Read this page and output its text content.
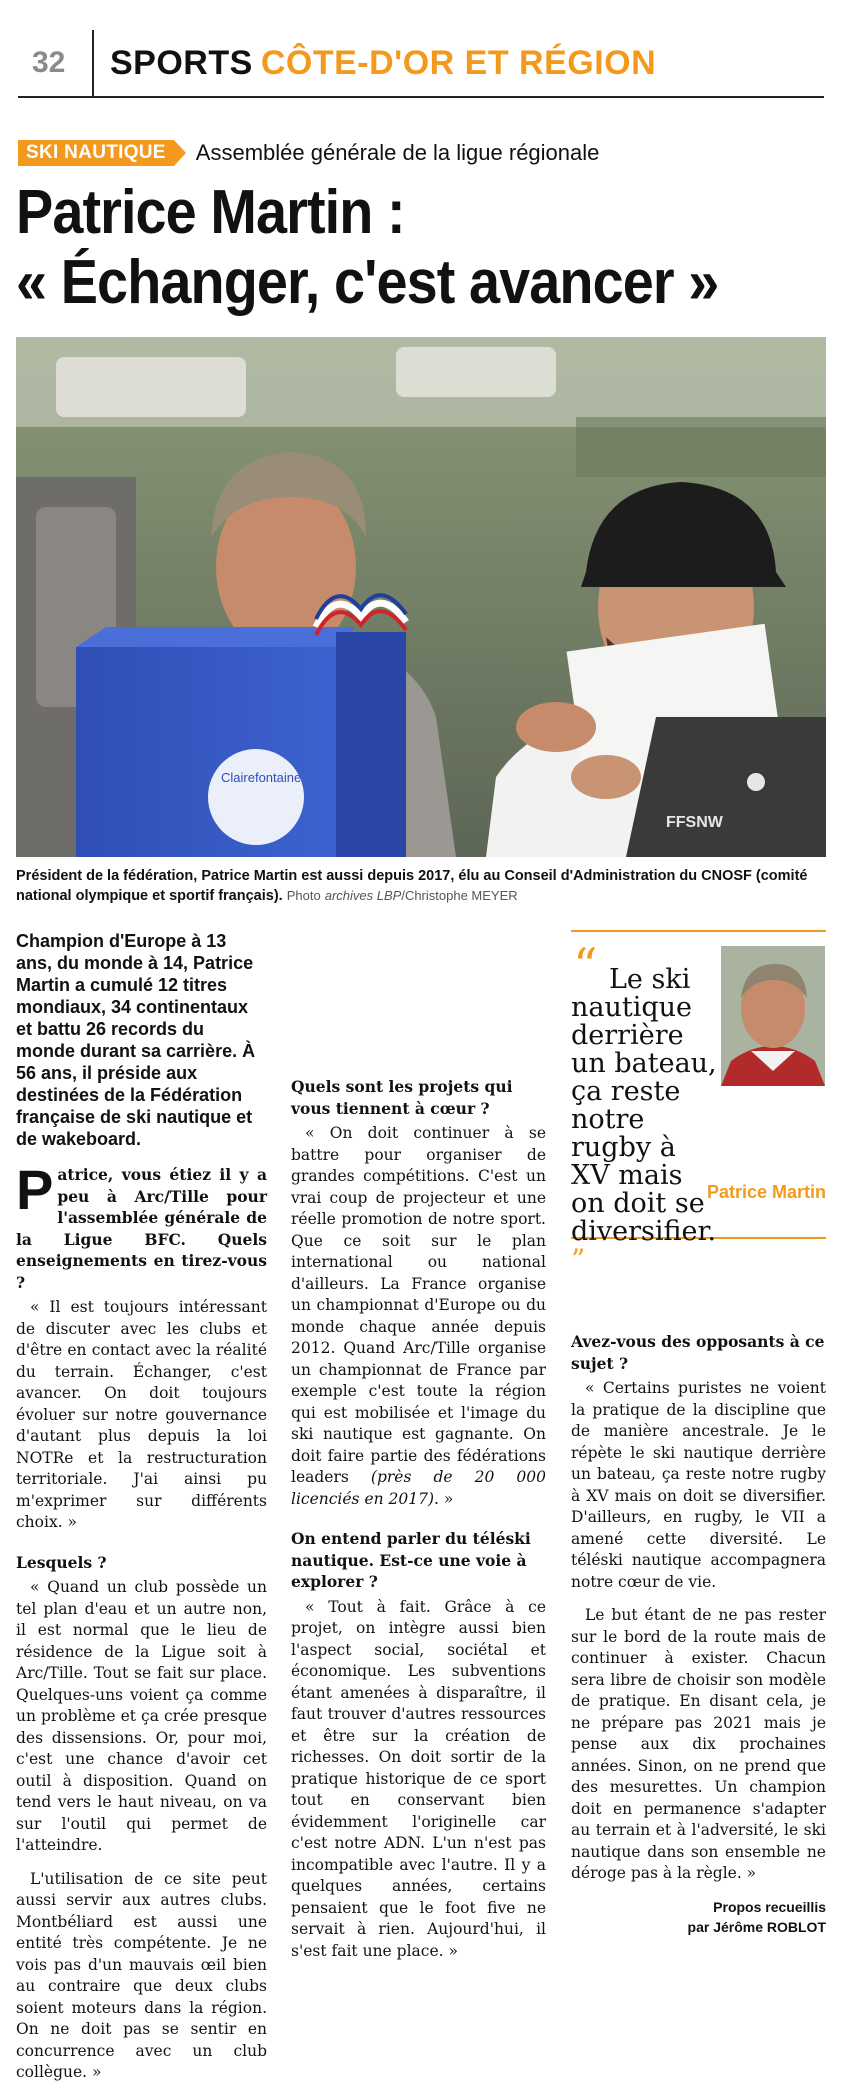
32 SPORTS CÔTE-D'OR ET RÉGION
SKI NAUTIQUE	Assemblée générale de la ligue régionale
Patrice Martin :
« Échanger, c'est avancer »
FFSNW
Clairefontaine
Président de la fédération, Patrice Martin est aussi depuis 2017, élu au Conseil d'Administration du CNOSF (comité national olympique et sportif français). Photo archives LBP/Christophe MEYER
Champion d'Europe à 13 ans, du monde à 14, Patrice Martin a cumulé 12 titres mondiaux, 34 continentaux et battu 26 records du monde durant sa carrière. À 56 ans, il préside aux destinées de la Fédération française de ski nautique et de wakeboard.

Patrice, vous étiez il y a peu à Arc/Tille pour l'assemblée générale de la Ligue BFC. Quels enseignements en tirez-vous ?

« Il est toujours intéressant de discuter avec les clubs et d'être en contact avec la réalité du terrain. Échanger, c'est avancer. On doit toujours évoluer sur notre gouvernance d'autant plus depuis la loi NOTRe et la restructuration territoriale. J'ai ainsi pu m'exprimer sur différents choix. »

Lesquels ?

« Quand un club possède un tel plan d'eau et un autre non, il est normal que le lieu de résidence de la Ligue soit à Arc/Tille. Tout se fait sur place. Quelques-uns voient ça comme un problème et ça crée presque des dissensions. Or, pour moi, c'est une chance d'avoir cet outil à disposition. Quand on tend vers le haut niveau, on va sur l'outil qui permet de l'atteindre.

L'utilisation de ce site peut aussi servir aux autres clubs. Montbéliard est aussi une entité très compétente. Je ne vois pas d'un mauvais œil bien au contraire que deux clubs soient moteurs dans la région. On ne doit pas se sentir en concurrence avec un club collègue. »

Quels sont les projets qui vous tiennent à cœur ?

« On doit continuer à se battre pour organiser de grandes compétitions. C'est un vrai coup de projecteur et une réelle promotion de notre sport. Que ce soit sur le plan international ou national d'ailleurs. La France organise un championnat d'Europe ou du monde chaque année depuis 2012. Quand Arc/Tille organise un championnat de France par exemple c'est toute la région qui est mobilisée et l'image du ski nautique est gagnante. On doit faire partie des fédérations leaders (près de 20 000 licenciés en 2017). »

On entend parler du téléski nautique. Est-ce une voie à explorer ?

« Tout à fait. Grâce à ce projet, on intègre aussi bien l'aspect social, sociétal et économique. Les subventions étant amenées à disparaître, il faut trouver d'autres ressources et être sur la création de richesses. On doit sortir de la pratique historique de ce sport tout en conservant bien évidemment l'originelle car c'est notre ADN. L'un n'est pas incompatible avec l'autre. Il y a quelques années, certains pensaient que le foot five ne servait à rien. Aujourd'hui, il s'est fait une place. »

“ Le ski nautique derrière un bateau, ça reste notre rugby à XV mais on doit se diversifier. ”
Patrice Martin

Avez-vous des opposants à ce sujet ?

« Certains puristes ne voient la pratique de la discipline que de manière ancestrale. Je le répète le ski nautique derrière un bateau, ça reste notre rugby à XV mais on doit se diversifier. D'ailleurs, en rugby, le VII a amené cette diversité. Le téléski nautique accompagnera notre cœur de vie.

Le but étant de ne pas rester sur le bord de la route mais de continuer à exister. Chacun sera libre de choisir son modèle de pratique. En disant cela, je ne prépare pas 2021 mais je pense aux dix prochaines années. Sinon, on ne prend que des mesurettes. Un champion doit en permanence s'adapter au terrain et à l'adversité, le ski nautique dans son ensemble ne déroge pas à la règle. »

Propos recueillis
par Jérôme ROBLOT
